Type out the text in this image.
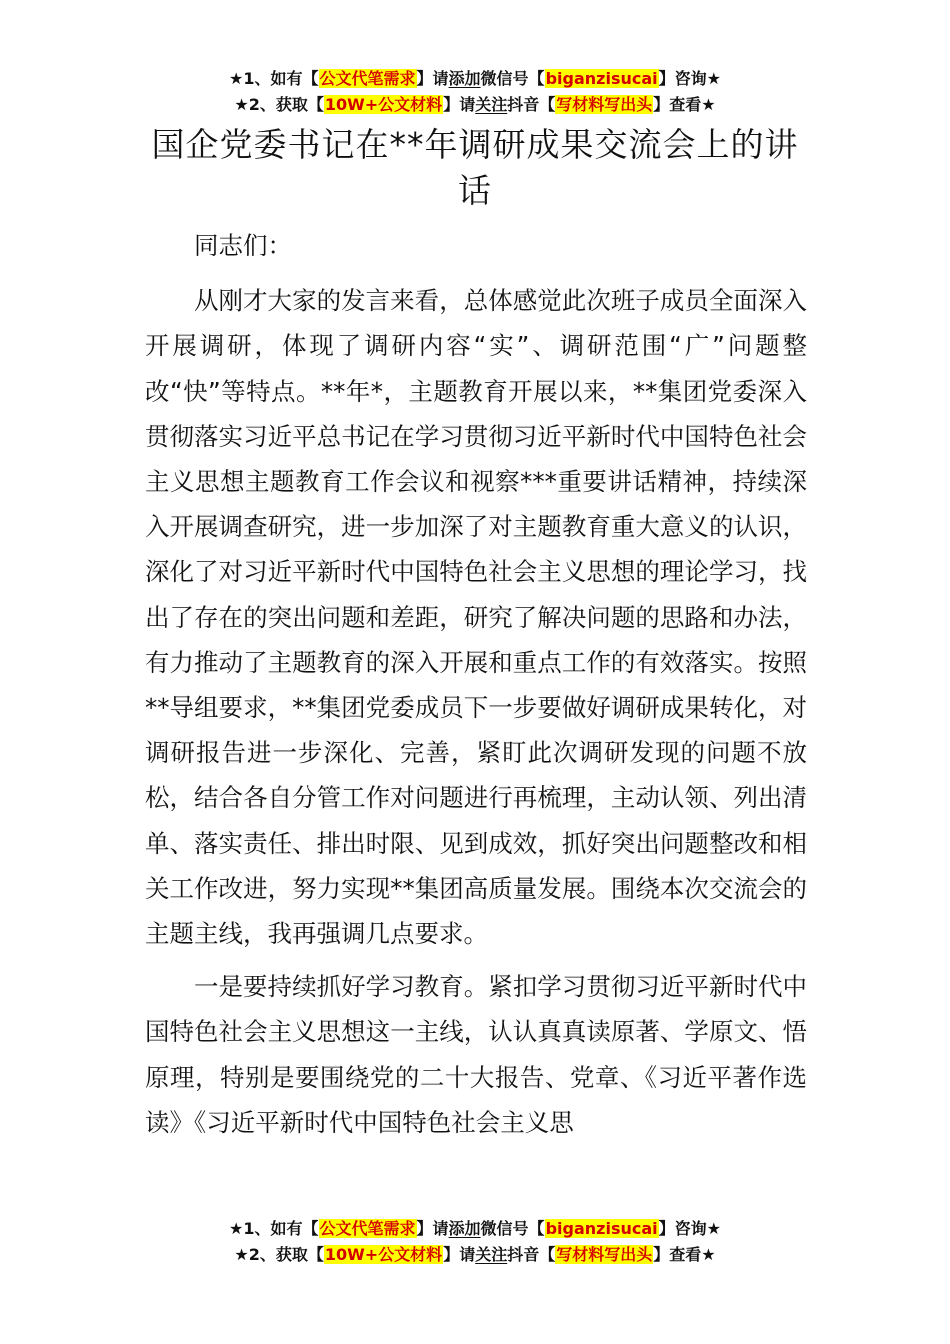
★1、如有【公文代笔需求】请添加微信号【biganzisucai】咨询★
★2、获取【10W+公文材料】请关注抖音【写材料写出头】查看★
国企党委书记在**年调研成果交流会上的讲话

同志们：

从刚才大家的发言来看，总体感觉此次班子成员全面深入开展调研，体现了调研内容“实”、调研范围“广”问题整改“快”等特点。**年*，主题教育开展以来，**集团党委深入贯彻落实习近平总书记在学习贯彻习近平新时代中国特色社会主义思想主题教育工作会议和视察***重要讲话精神，持续深入开展调查研究，进一步加深了对主题教育重大意义的认识，深化了对习近平新时代中国特色社会主义思想的理论学习，找出了存在的突出问题和差距，研究了解决问题的思路和办法，有力推动了主题教育的深入开展和重点工作的有效落实。按照**导组要求，**集团党委成员下一步要做好调研成果转化，对调研报告进一步深化、完善，紧盯此次调研发现的问题不放松，结合各自分管工作对问题进行再梳理，主动认领、列出清单、落实责任、排出时限、见到成效，抓好突出问题整改和相关工作改进，努力实现**集团高质量发展。围绕本次交流会的主题主线，我再强调几点要求。

一是要持续抓好学习教育。紧扣学习贯彻习近平新时代中国特色社会主义思想这一主线，认认真真读原著、学原文、悟原理，特别是要围绕党的二十大报告、党章、《习近平著作选读》《习近平新时代中国特色社会主义思

★1、如有【公文代笔需求】请添加微信号【biganzisucai】咨询★
★2、获取【10W+公文材料】请关注抖音【写材料写出头】查看★
